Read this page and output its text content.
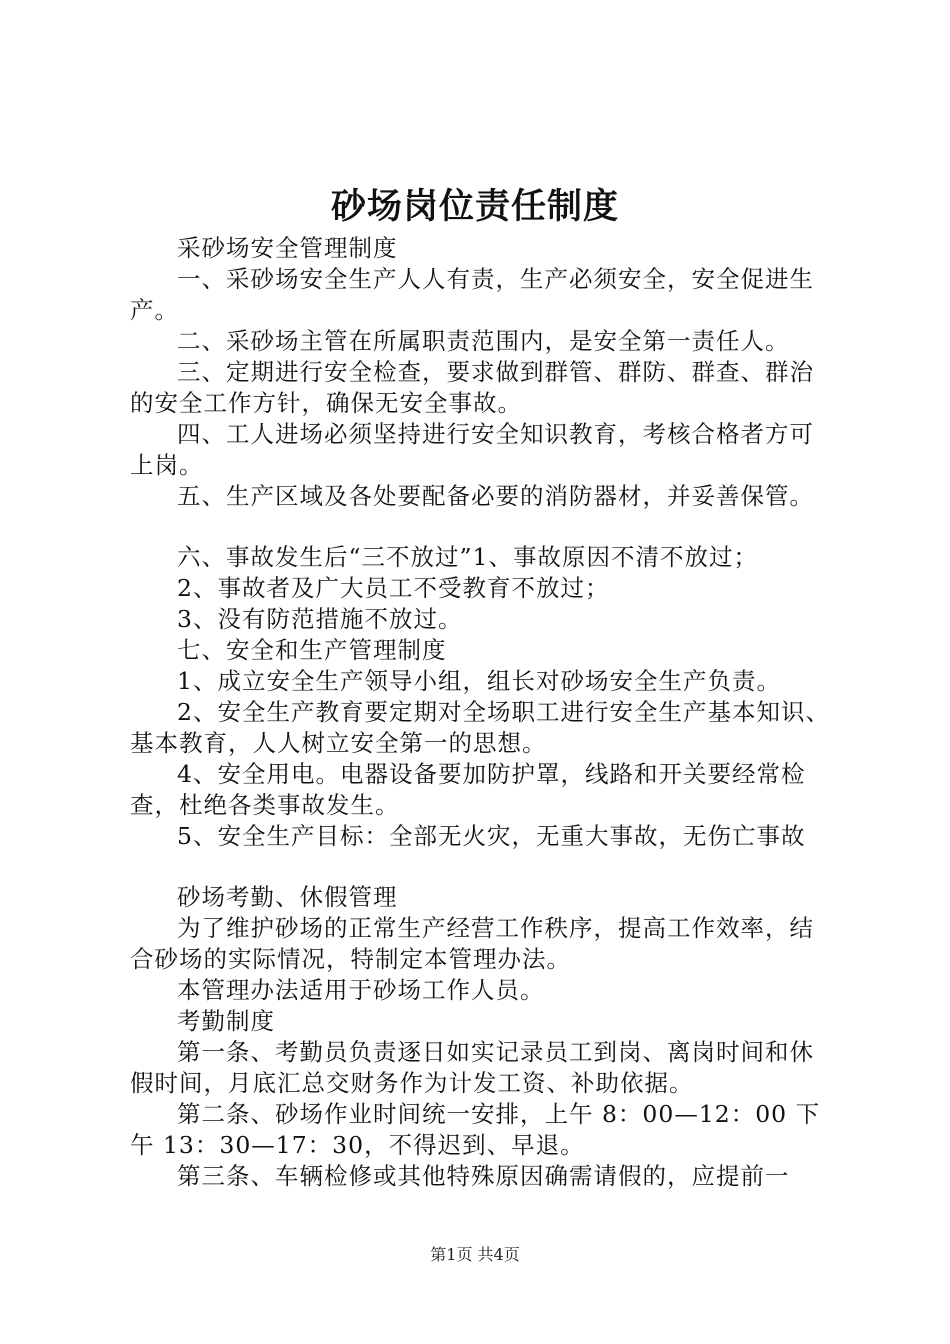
砂场岗位责任制度

采砂场安全管理制度

一、采砂场安全生产人人有责，生产必须安全，安全促进生产。

二、采砂场主管在所属职责范围内，是安全第一责任人。

三、定期进行安全检查，要求做到群管、群防、群查、群治的安全工作方针，确保无安全事故。

四、工人进场必须坚持进行安全知识教育，考核合格者方可上岗。

五、生产区域及各处要配备必要的消防器材，并妥善保管。

六、事故发生后“三不放过”1、事故原因不清不放过；

2、事故者及广大员工不受教育不放过；

3、没有防范措施不放过。

七、安全和生产管理制度

1、成立安全生产领导小组，组长对砂场安全生产负责。

2、安全生产教育要定期对全场职工进行安全生产基本知识、基本教育，人人树立安全第一的思想。

4、安全用电。电器设备要加防护罩，线路和开关要经常检查，杜绝各类事故发生。

5、安全生产目标：全部无火灾，无重大事故，无伤亡事故

砂场考勤、休假管理

为了维护砂场的正常生产经营工作秩序，提高工作效率，结合砂场的实际情况，特制定本管理办法。

本管理办法适用于砂场工作人员。

考勤制度

第一条、考勤员负责逐日如实记录员工到岗、离岗时间和休假时间，月底汇总交财务作为计发工资、补助依据。

第二条、砂场作业时间统一安排，上午 8：00—12：00 下午 13：30—17：30，不得迟到、早退。

第三条、车辆检修或其他特殊原因确需请假的，应提前一

第1页 共4页
